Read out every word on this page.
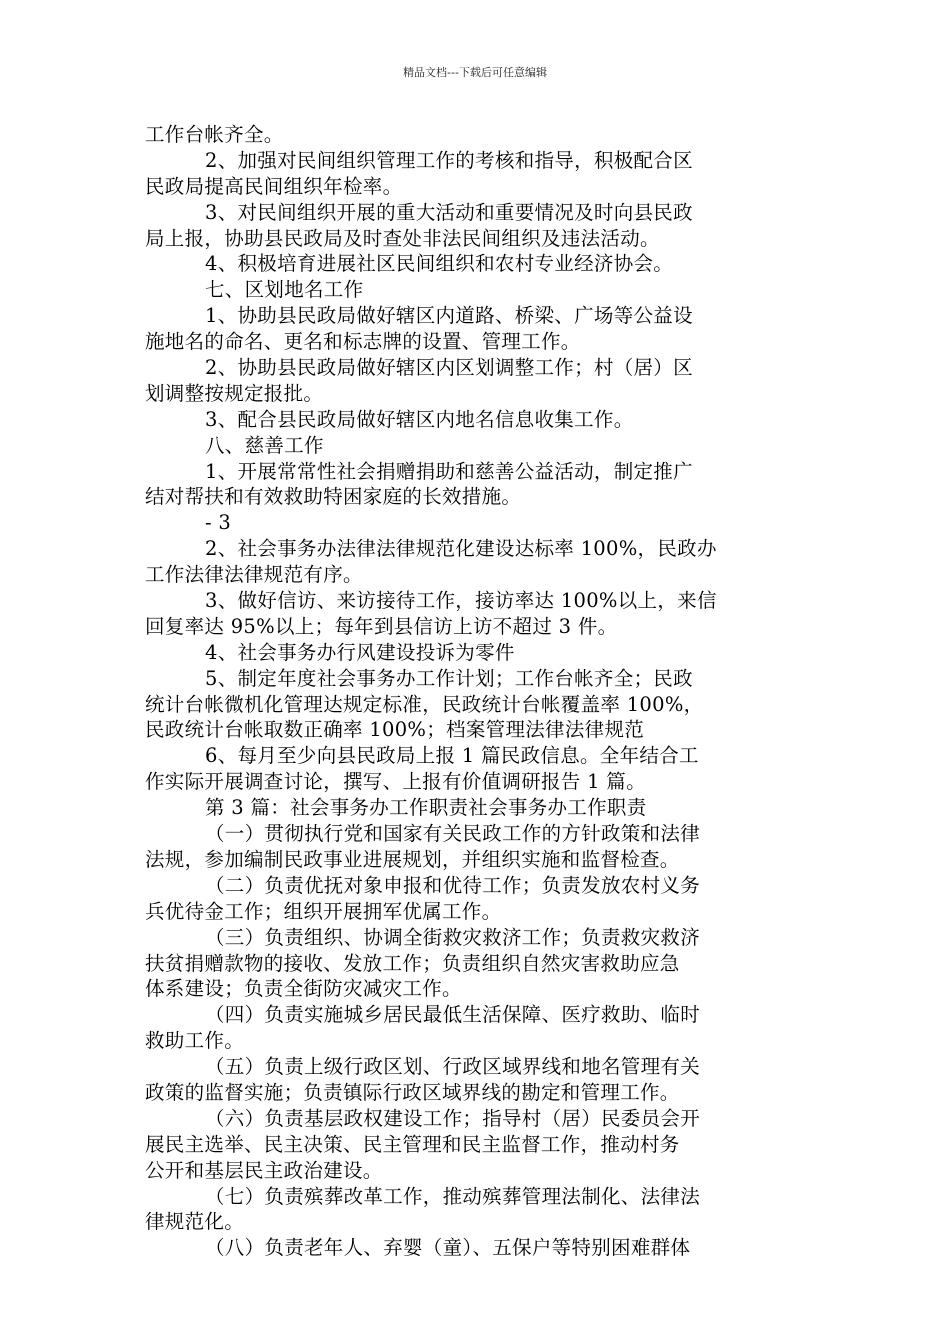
精品文档---下载后可任意编辑
工作台帐齐全。
2、加强对民间组织管理工作的考核和指导，积极配合区
民政局提高民间组织年检率。
3、对民间组织开展的重大活动和重要情况及时向县民政
局上报，协助县民政局及时查处非法民间组织及违法活动。
4、积极培育进展社区民间组织和农村专业经济协会。
七、区划地名工作
1、协助县民政局做好辖区内道路、桥梁、广场等公益设
施地名的命名、更名和标志牌的设置、管理工作。
2、协助县民政局做好辖区内区划调整工作；村（居）区
划调整按规定报批。
3、配合县民政局做好辖区内地名信息收集工作。
八、慈善工作
1、开展常常性社会捐赠捐助和慈善公益活动，制定推广
结对帮扶和有效救助特困家庭的长效措施。
- 3
2、社会事务办法律法律规范化建设达标率 100%，民政办
工作法律法律规范有序。
3、做好信访、来访接待工作，接访率达 100%以上，来信
回复率达 95%以上；每年到县信访上访不超过 3 件。
4、社会事务办行风建设投诉为零件
5、制定年度社会事务办工作计划；工作台帐齐全；民政
统计台帐微机化管理达规定标准，民政统计台帐覆盖率 100%，
民政统计台帐取数正确率 100%；档案管理法律法律规范
6、每月至少向县民政局上报 1 篇民政信息。全年结合工
作实际开展调查讨论，撰写、上报有价值调研报告 1 篇。
第 3 篇：社会事务办工作职责社会事务办工作职责
（一）贯彻执行党和国家有关民政工作的方针政策和法律
法规，参加编制民政事业进展规划，并组织实施和监督检查。
（二）负责优抚对象申报和优待工作；负责发放农村义务
兵优待金工作；组织开展拥军优属工作。
（三）负责组织、协调全街救灾救济工作；负责救灾救济
扶贫捐赠款物的接收、发放工作；负责组织自然灾害救助应急
体系建设；负责全街防灾减灾工作。
（四）负责实施城乡居民最低生活保障、医疗救助、临时
救助工作。
（五）负责上级行政区划、行政区域界线和地名管理有关
政策的监督实施；负责镇际行政区域界线的勘定和管理工作。
（六）负责基层政权建设工作；指导村（居）民委员会开
展民主选举、民主决策、民主管理和民主监督工作，推动村务
公开和基层民主政治建设。
（七）负责殡葬改革工作，推动殡葬管理法制化、法律法
律规范化。
（八）负责老年人、弃婴（童）、五保户等特别困难群体
